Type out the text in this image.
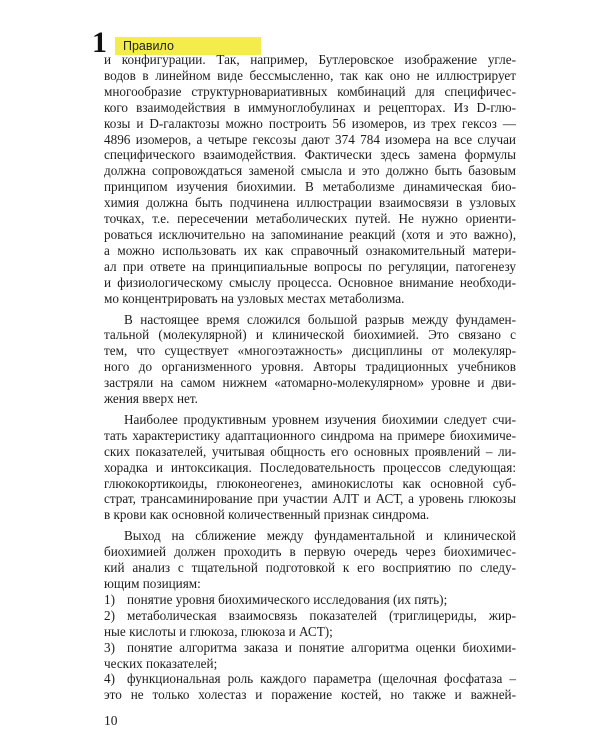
1	Правило
и конфигурации. Так, например, Бутлеровское изображение угле-
водов в линейном виде бессмысленно, так как оно не иллюстрирует
многообразие структурновариативных комбинаций для специфичес-
кого взаимодействия в иммуноглобулинах и рецепторах. Из D-глю-
козы и D-галактозы можно построить 56 изомеров, из трех гексоз —
4896 изомеров, а четыре гексозы дают 374 784 изомера на все случаи
специфического взаимодействия. Фактически здесь замена формулы
должна сопровождаться заменой смысла и это должно быть базовым
принципом изучения биохимии. В метаболизме динамическая био-
химия должна быть подчинена иллюстрации взаимосвязи в узловых
точках, т.е. пересечении метаболических путей. Не нужно ориенти-
роваться исключительно на запоминание реакций (хотя и это важно),
а можно использовать их как справочный ознакомительный матери-
ал при ответе на принципиальные вопросы по регуляции, патогенезу
и физиологическому смыслу процесса. Основное внимание необходи-
мо концентрировать на узловых местах метаболизма.
В настоящее время сложился большой разрыв между фундамен-
тальной (молекулярной) и клинической биохимией. Это связано с
тем, что существует «многоэтажность» дисциплины от молекуляр-
ного до организменного уровня. Авторы традиционных учебников
застряли на самом нижнем «атомарно-молекулярном» уровне и дви-
жения вверх нет.
Наиболее продуктивным уровнем изучения биохимии следует счи-
тать характеристику адаптационного синдрома на примере биохимиче-
ских показателей, учитывая общность его основных проявлений – ли-
хорадка и интоксикация. Последовательность процессов следующая:
глюкокортикоиды, глюконеогенез, аминокислоты как основной суб-
страт, трансаминирование при участии АЛТ и АСТ, а уровень глюкозы
в крови как основной количественный признак синдрома.
Выход на сближение между фундаментальной и клинической
биохимией должен проходить в первую очередь через биохимичес-
кий анализ с тщательной подготовкой к его восприятию по следу-
ющим позициям:
1) понятие уровня биохимического исследования (их пять);
2) метаболическая взаимосвязь показателей (триглицериды, жир-
ные кислоты и глюкоза, глюкоза и АСТ);
3) понятие алгоритма заказа и понятие алгоритма оценки биохими-
ческих показателей;
4) функциональная роль каждого параметра (щелочная фосфатаза –
это не только холестаз и поражение костей, но также и важней-
10
